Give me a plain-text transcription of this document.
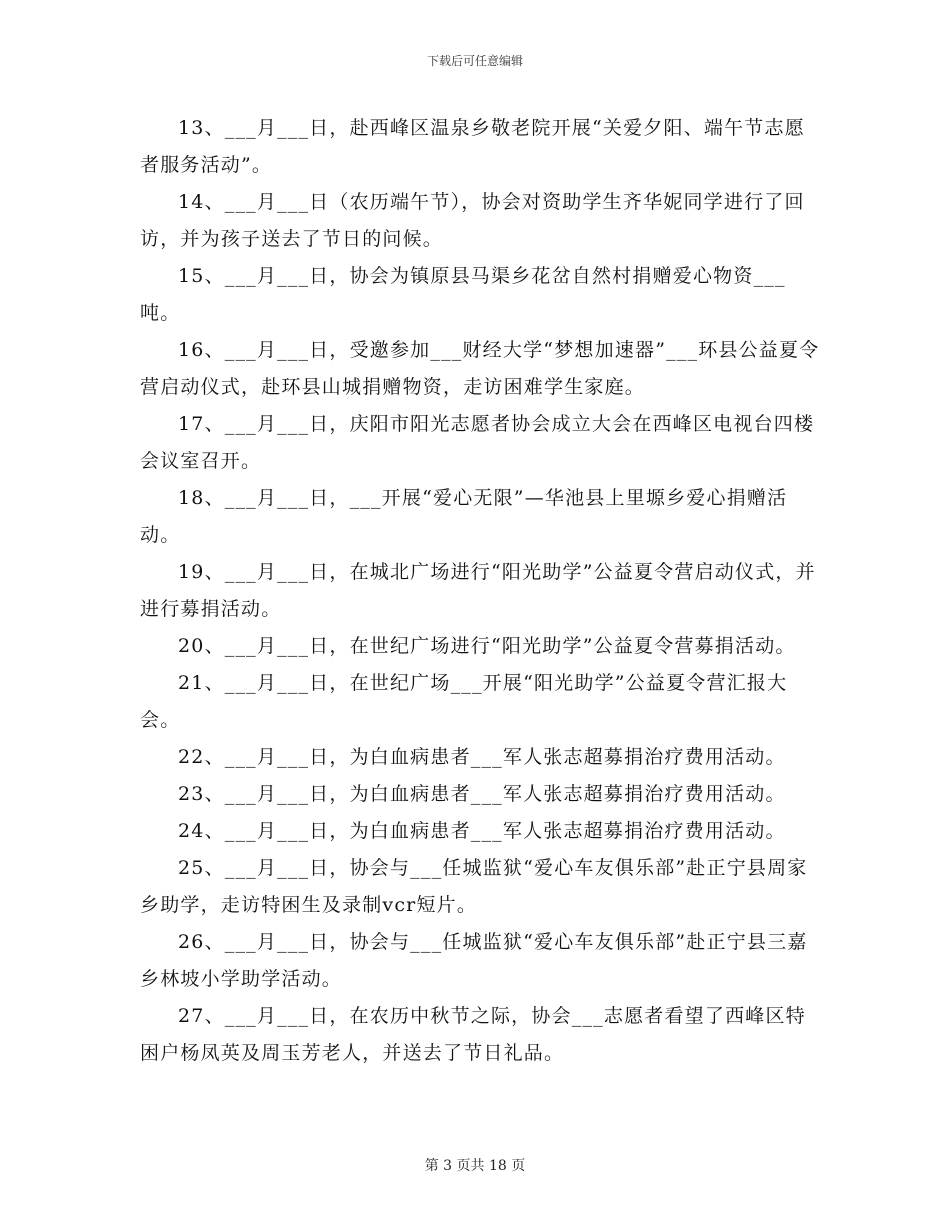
下载后可任意编辑

13、___月___日，赴西峰区温泉乡敬老院开展“关爱夕阳、端午节志愿者服务活动”。

14、___月___日（农历端午节），协会对资助学生齐华妮同学进行了回访，并为孩子送去了节日的问候。

15、___月___日，协会为镇原县马渠乡花岔自然村捐赠爱心物资___吨。

16、___月___日，受邀参加___财经大学“梦想加速器”___环县公益夏令营启动仪式，赴环县山城捐赠物资，走访困难学生家庭。

17、___月___日，庆阳市阳光志愿者协会成立大会在西峰区电视台四楼会议室召开。

18、___月___日，___开展“爱心无限”—华池县上里塬乡爱心捐赠活动。

19、___月___日，在城北广场进行“阳光助学”公益夏令营启动仪式，并进行募捐活动。

20、___月___日，在世纪广场进行“阳光助学”公益夏令营募捐活动。

21、___月___日，在世纪广场___开展“阳光助学”公益夏令营汇报大会。

22、___月___日，为白血病患者___军人张志超募捐治疗费用活动。

23、___月___日，为白血病患者___军人张志超募捐治疗费用活动。

24、___月___日，为白血病患者___军人张志超募捐治疗费用活动。

25、___月___日，协会与___任城监狱“爱心车友俱乐部”赴正宁县周家乡助学，走访特困生及录制vcr短片。

26、___月___日，协会与___任城监狱“爱心车友俱乐部”赴正宁县三嘉乡林坡小学助学活动。

27、___月___日，在农历中秋节之际，协会___志愿者看望了西峰区特困户杨凤英及周玉芳老人，并送去了节日礼品。

第 3 页共 18 页
